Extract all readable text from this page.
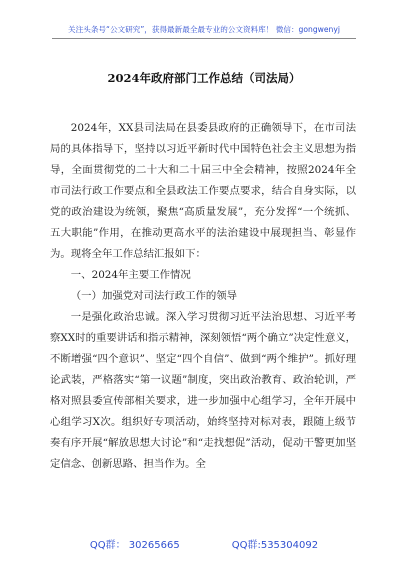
关注头条号“公文研究”，获得最新最全最专业的公文资料库！ 微信：gongwenyj
2024年政府部门工作总结（司法局）

2024年，XX县司法局在县委县政府的正确领导下，在市司法局的具体指导下，坚持以习近平新时代中国特色社会主义思想为指导，全面贯彻党的二十大和二十届三中全会精神，按照2024年全市司法行政工作要点和全县政法工作要点要求，结合自身实际，以党的政治建设为统领，聚焦“高质量发展”，充分发挥“一个统抓、五大职能”作用，在推动更高水平的法治建设中展现担当、彰显作为。现将全年工作总结汇报如下：

一、2024年主要工作情况

（一）加强党对司法行政工作的领导

一是强化政治忠诚。深入学习贯彻习近平法治思想、习近平考察XX时的重要讲话和指示精神，深刻领悟“两个确立”决定性意义，不断增强“四个意识”、坚定“四个自信”、做到“两个维护”。抓好理论武装，严格落实“第一议题”制度，突出政治教育、政治轮训，严格对照县委宣传部相关要求，进一步加强中心组学习，全年开展中心组学习X次。组织好专项活动，始终坚持对标对表，跟随上级节奏有序开展“解放思想大讨论”和“走找想促”活动，促动干警更加坚定信念、创新思路、担当作为。全

QQ群： 30265665	QQ群:535304092
